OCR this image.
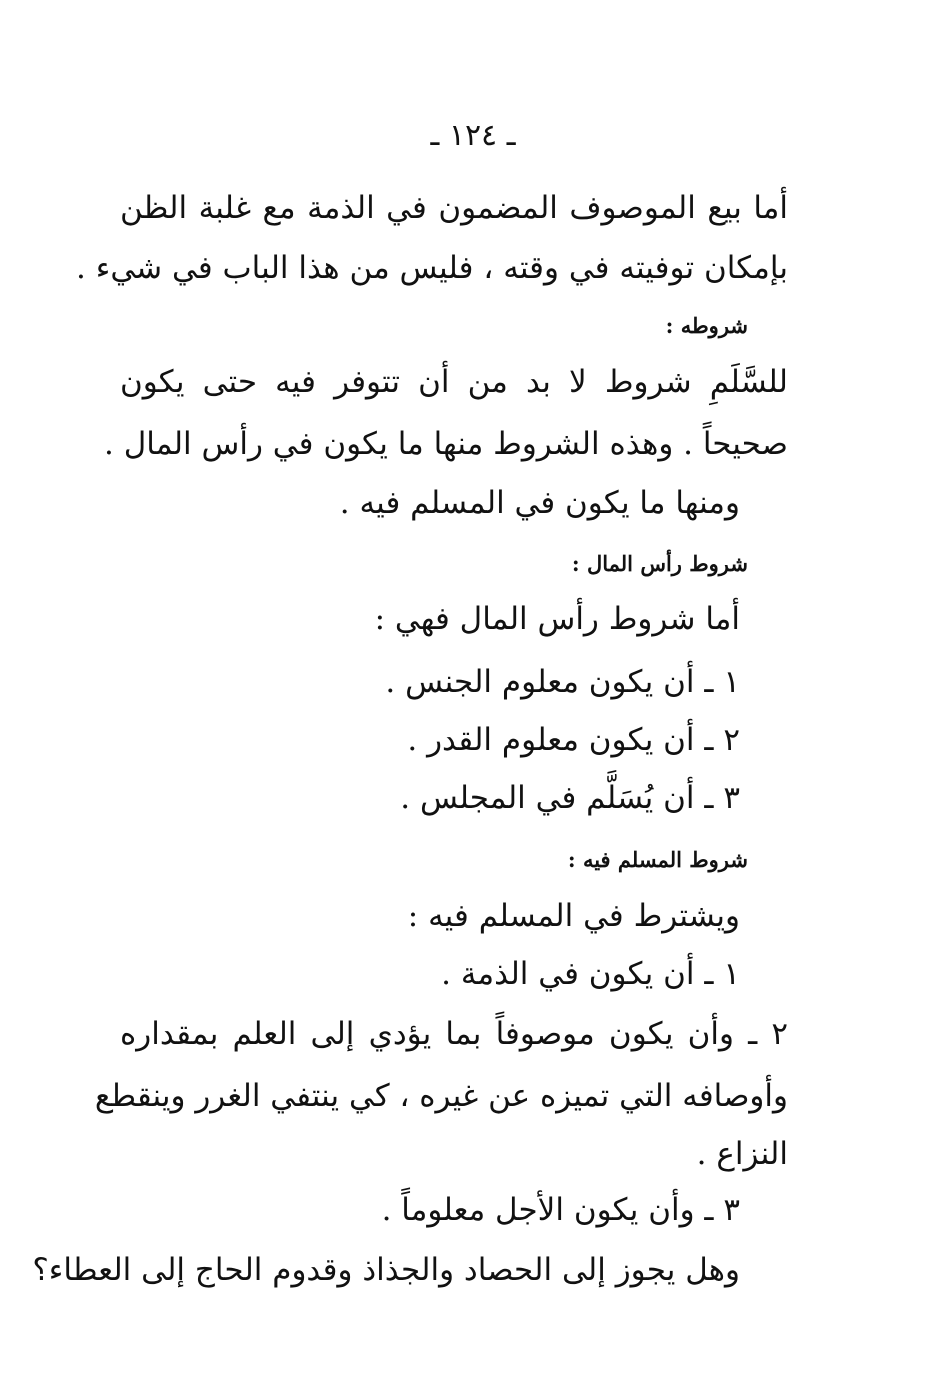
ـ ١٢٤ ـ
أما بيع الموصوف المضمون في الذمة مع غلبة الظن
بإمكان توفيته في وقته ، فليس من هذا الباب في شيء .
شروطه :
للسَّلَمِ شروط لا بد من أن تتوفر فيه حتى يكون
صحيحاً . وهذه الشروط منها ما يكون في رأس المال .
ومنها ما يكون في المسلم فيه .
شروط رأس المال :
أما شروط رأس المال فهي :
١ ـ أن يكون معلوم الجنس .
٢ ـ أن يكون معلوم القدر .
٣ ـ أن يُسَلَّم في المجلس .
شروط المسلم فيه :
ويشترط في المسلم فيه :
١ ـ أن يكون في الذمة .
٢ ـ وأن يكون موصوفاً بما يؤدي إلى العلم بمقداره
وأوصافه التي تميزه عن غيره ، كي ينتفي الغرر وينقطع
النزاع .
٣ ـ وأن يكون الأجل معلوماً .
وهل يجوز إلى الحصاد والجذاذ وقدوم الحاج إلى العطاء؟
